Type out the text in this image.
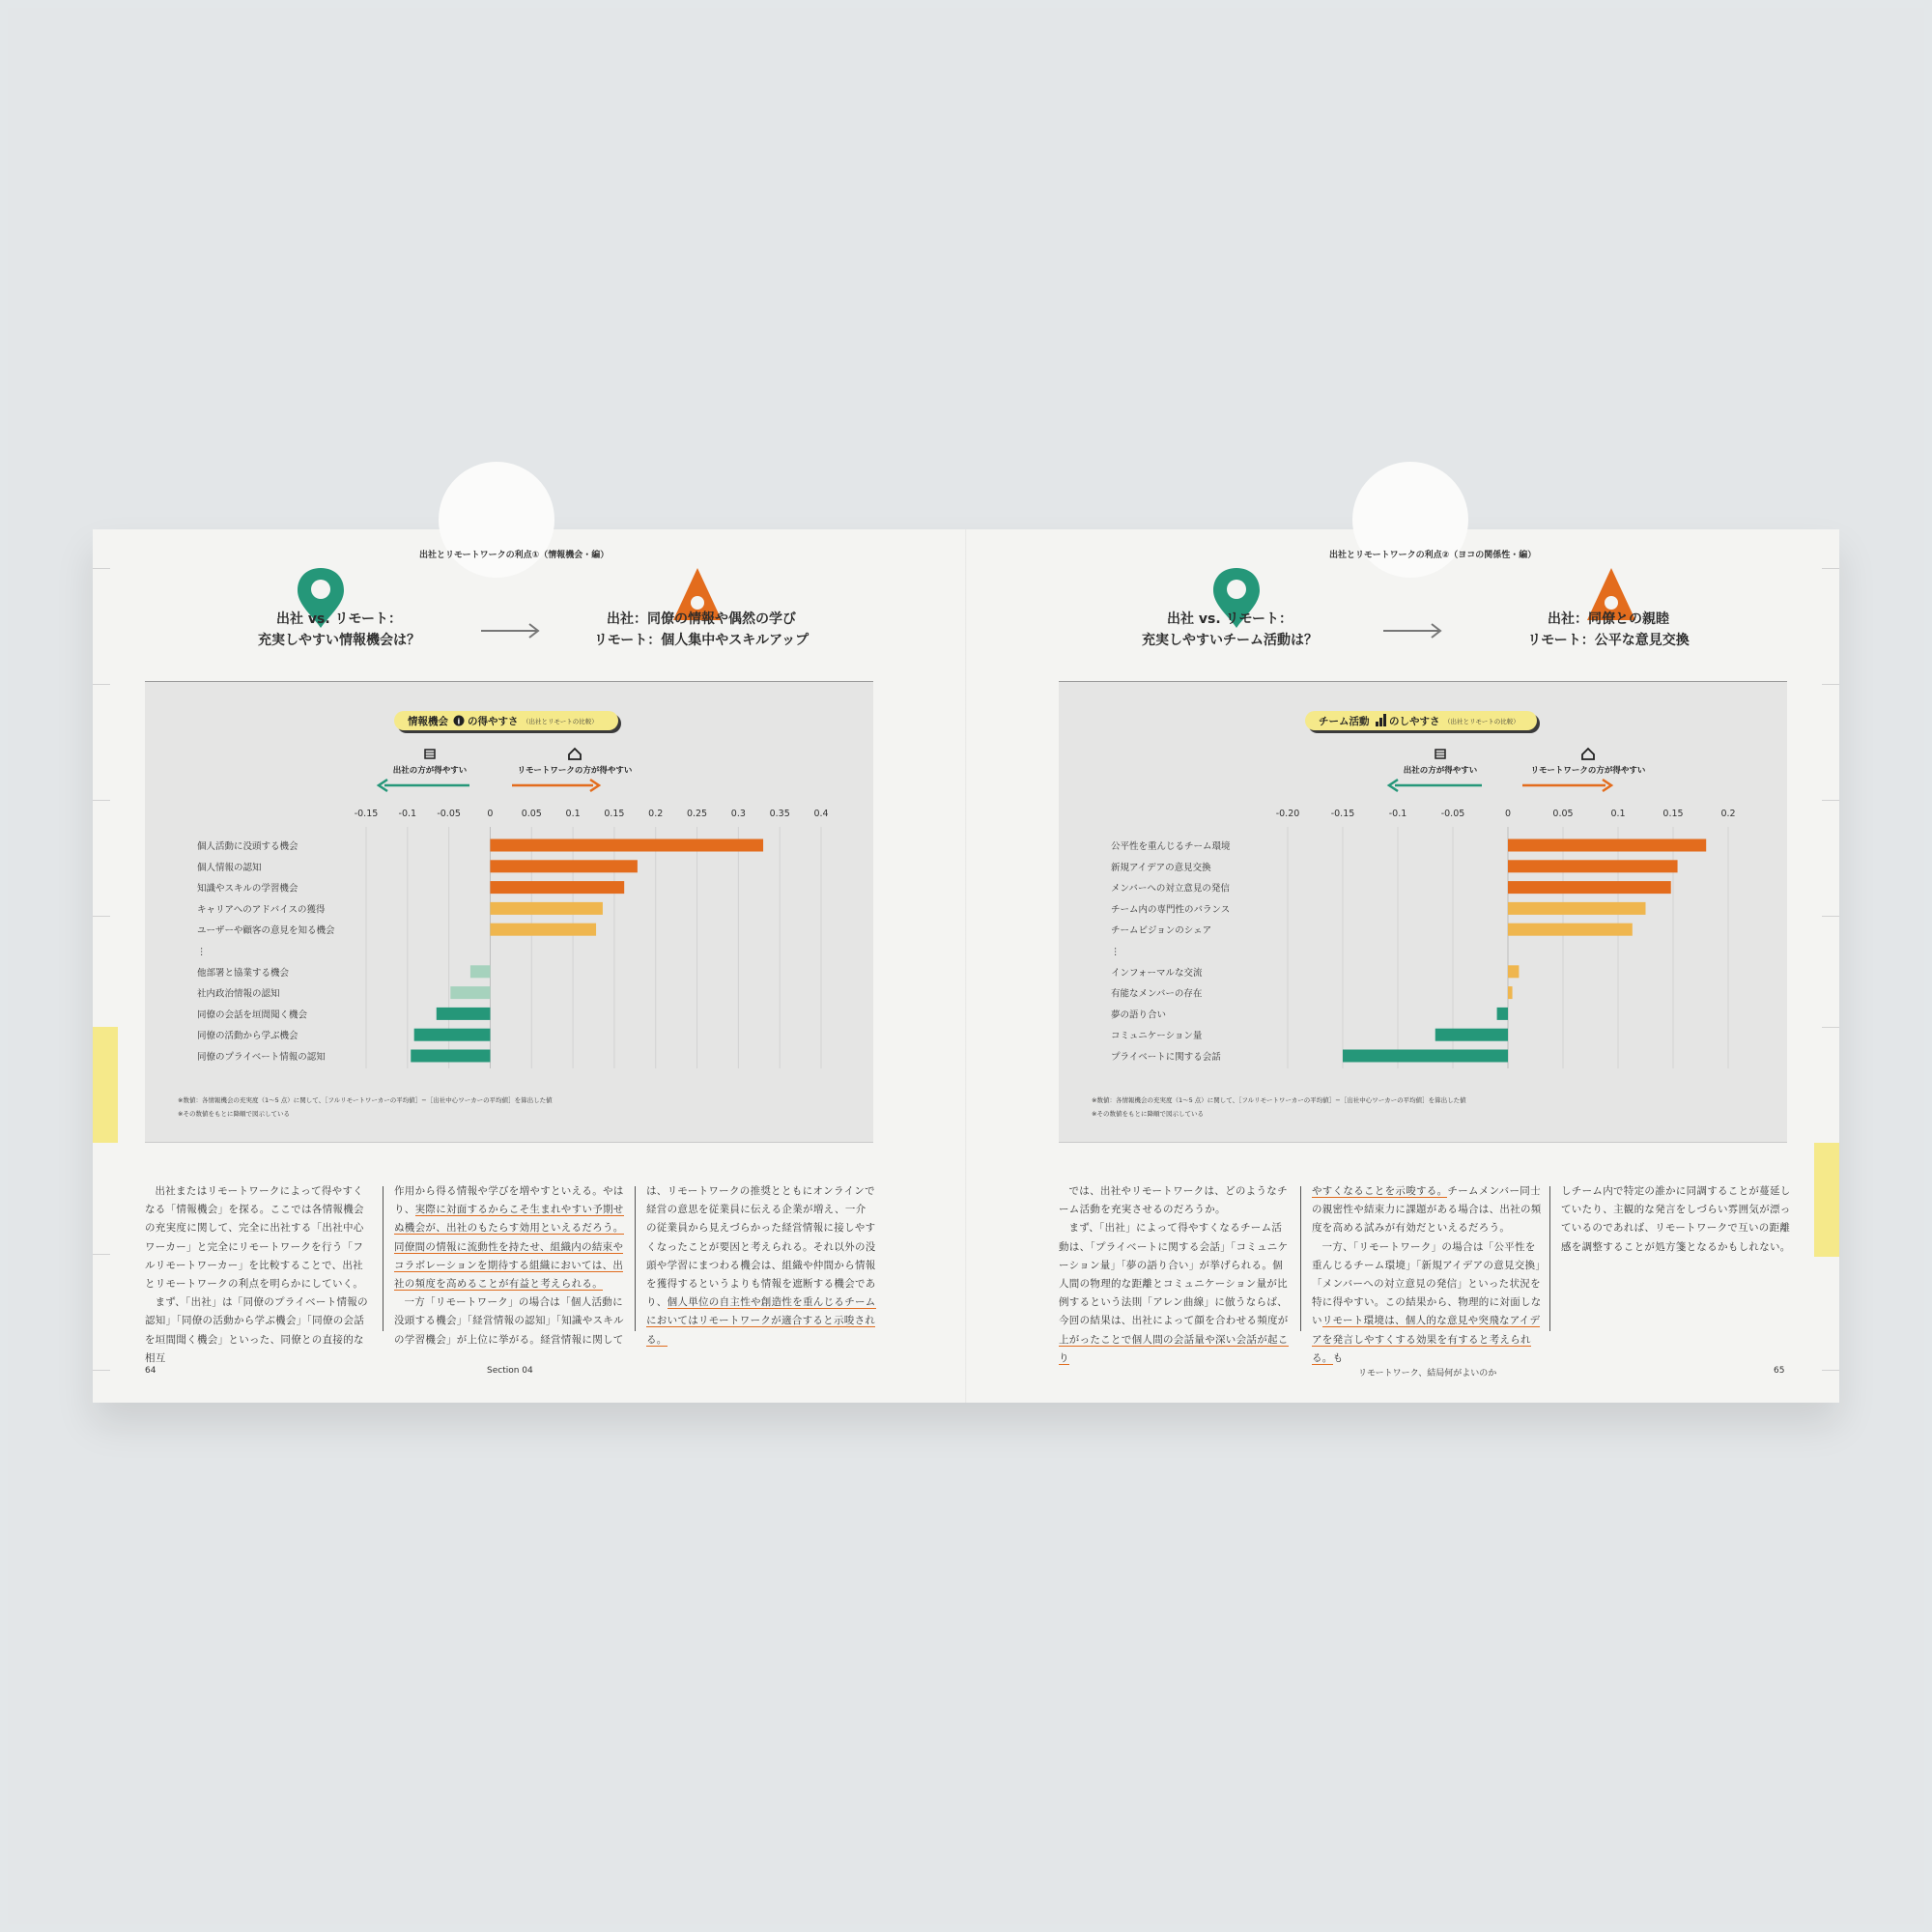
出社とリモートワークの利点①（情報機会・編）
出社 vs. リモート：
充実しやすい情報機会は？
出社：同僚の情報や偶然の学び
リモート：個人集中やスキルアップ
情報機会 i の得やすさ （出社とリモートの比較）
出社の方が得やすい	リモートワークの方が得やすい
-0.15 -0.1 -0.05	0	0.05	0.1	0.15	0.2	0.25	0.3	0.35	0.4
個人活動に没頭する機会
個人情報の認知
知識やスキルの学習機会
キャリアへのアドバイスの獲得
ユーザーや顧客の意見を知る機会
⋮
他部署と協業する機会
社内政治情報の認知
同僚の会話を垣間聞く機会
同僚の活動から学ぶ機会
同僚のプライベート情報の認知
※数値：各情報機会の充実度（1〜5 点）に関して、［フルリモートワーカーの平均値］−［出社中心ワーカーの平均値］を算出した値
※その数値をもとに降順で図示している

出社またはリモートワークによって得やすくなる「情報機会」を探る。ここでは各情報機会の充実度に関して、完全に出社する「出社中心ワーカー」と完全にリモートワークを行う「フルリモートワーカー」を比較することで、出社とリモートワークの利点を明らかにしていく。

まず、「出社」は「同僚のプライベート情報の認知」「同僚の活動から学ぶ機会」「同僚の会話を垣間聞く機会」といった、同僚との直接的な相互

作用から得る情報や学びを増やすといえる。やはり、実際に対面するからこそ生まれやすい予期せぬ機会が、出社のもたらす効用といえるだろう。同僚間の情報に流動性を持たせ、組織内の結束やコラボレーションを期待する組織においては、出社の頻度を高めることが有益と考えられる。

一方「リモートワーク」の場合は「個人活動に没頭する機会」「経営情報の認知」「知識やスキルの学習機会」が上位に挙がる。経営情報に関して

は、リモートワークの推奨とともにオンラインで経営の意思を従業員に伝える企業が増え、一介の従業員から見えづらかった経営情報に接しやすくなったことが要因と考えられる。それ以外の没頭や学習にまつわる機会は、組織や仲間から情報を獲得するというよりも情報を遮断する機会であり、個人単位の自主性や創造性を重んじるチームにおいてはリモートワークが適合すると示唆される。

64	Section 04
出社とリモートワークの利点②（ヨコの関係性・編）
出社 vs. リモート：
充実しやすいチーム活動は？
出社：同僚との親睦
リモート：公平な意見交換
チーム活動 のしやすさ （出社とリモートの比較）
出社の方が得やすい	リモートワークの方が得やすい
-0.20	-0.15	-0.1	-0.05	0	0.05	0.1	0.15	0.2
公平性を重んじるチーム環境
新規アイデアの意見交換
メンバーへの対立意見の発信
チーム内の専門性のバランス
チームビジョンのシェア
⋮
インフォーマルな交流
有能なメンバーの存在
夢の語り合い
コミュニケーション量
プライベートに関する会話
※数値：各情報機会の充実度（1〜5 点）に関して、［フルリモートワーカーの平均値］−［出社中心ワーカーの平均値］を算出した値
※その数値をもとに降順で図示している

では、出社やリモートワークは、どのようなチーム活動を充実させるのだろうか。

まず、「出社」によって得やすくなるチーム活動は、「プライベートに関する会話」「コミュニケーション量」「夢の語り合い」が挙げられる。個人間の物理的な距離とコミュニケーション量が比例するという法則「アレン曲線」に倣うならば、今回の結果は、出社によって顔を合わせる頻度が上がったことで個人間の会話量や深い会話が起こり

やすくなることを示唆する。チームメンバー同士の親密性や結束力に課題がある場合は、出社の頻度を高める試みが有効だといえるだろう。

一方、「リモートワーク」の場合は「公平性を重んじるチーム環境」「新規アイデアの意見交換」「メンバーへの対立意見の発信」といった状況を特に得やすい。この結果から、物理的に対面しないリモート環境は、個人的な意見や突飛なアイデアを発言しやすくする効果を有すると考えられる。も

しチーム内で特定の誰かに同調することが蔓延していたり、主観的な発言をしづらい雰囲気が漂っているのであれば、リモートワークで互いの距離感を調整することが処方箋となるかもしれない。

リモートワーク、結局何がよいのか	65
